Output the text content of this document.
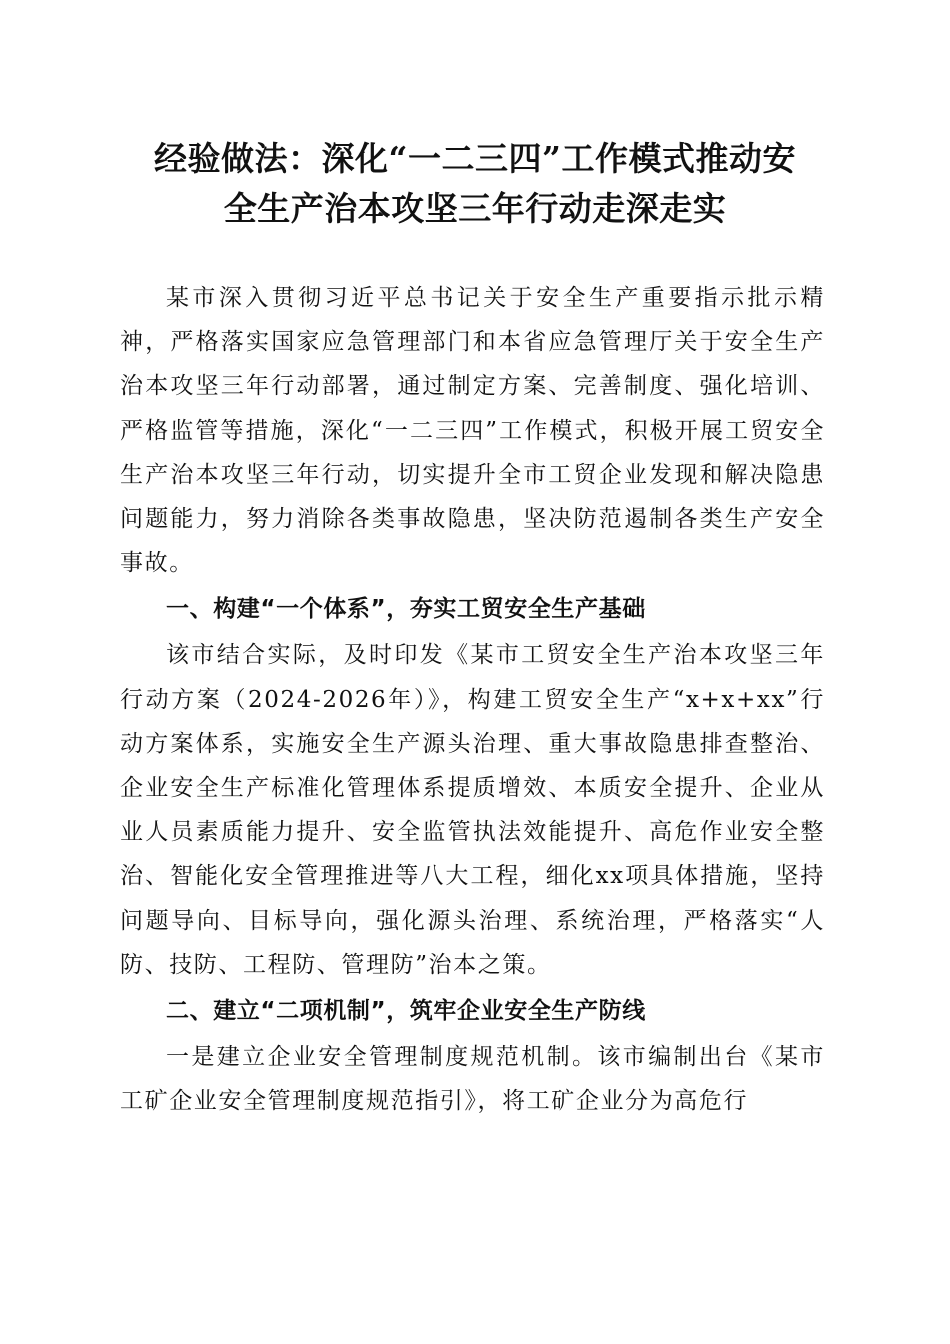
经验做法：深化“一二三四”工作模式推动安
全生产治本攻坚三年行动走深走实

某市深入贯彻习近平总书记关于安全生产重要指示批示精神，严格落实国家应急管理部门和本省应急管理厅关于安全生产治本攻坚三年行动部署，通过制定方案、完善制度、强化培训、严格监管等措施，深化“一二三四”工作模式，积极开展工贸安全生产治本攻坚三年行动，切实提升全市工贸企业发现和解决隐患问题能力，努力消除各类事故隐患，坚决防范遏制各类生产安全事故。

一、构建“一个体系”，夯实工贸安全生产基础

该市结合实际，及时印发《某市工贸安全生产治本攻坚三年行动方案（2024-2026年）》，构建工贸安全生产“x+x+xx”行动方案体系，实施安全生产源头治理、重大事故隐患排查整治、企业安全生产标准化管理体系提质增效、本质安全提升、企业从业人员素质能力提升、安全监管执法效能提升、高危作业安全整治、智能化安全管理推进等八大工程，细化xx项具体措施，坚持问题导向、目标导向，强化源头治理、系统治理，严格落实“人防、技防、工程防、管理防”治本之策。

二、建立“二项机制”，筑牢企业安全生产防线

一是建立企业安全管理制度规范机制。该市编制出台《某市工矿企业安全管理制度规范指引》，将工矿企业分为高危行
